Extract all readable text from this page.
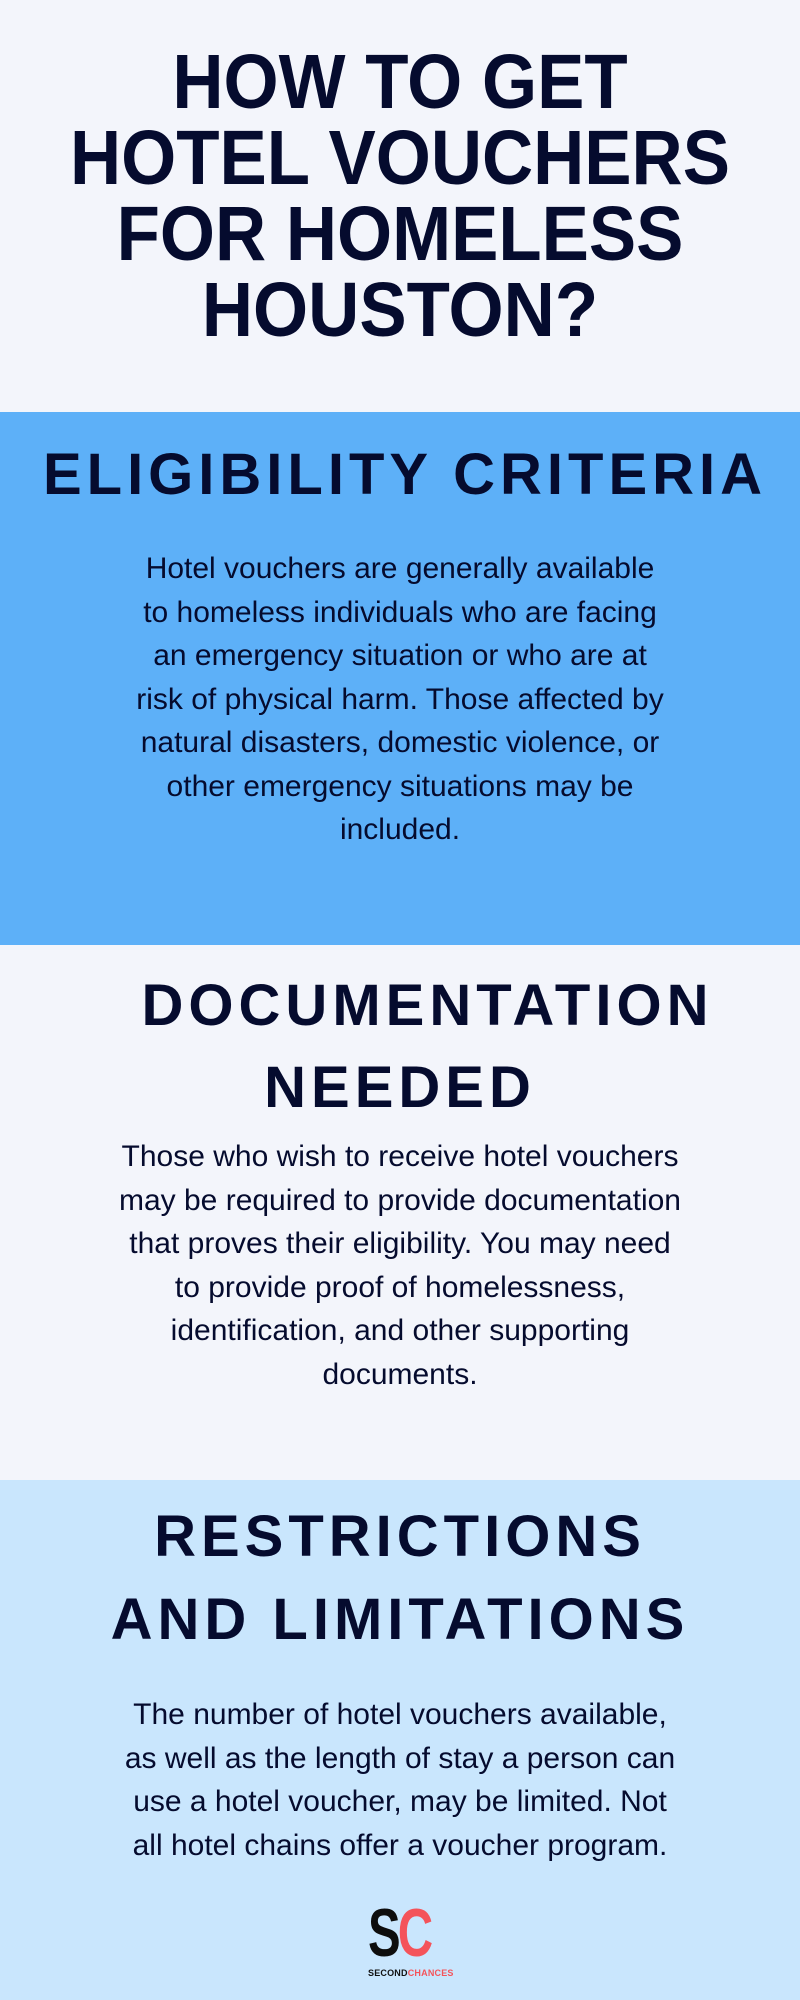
HOW TO GET
HOTEL VOUCHERS
FOR HOMELESS
HOUSTON?
ELIGIBILITY CRITERIA
Hotel vouchers are generally available
to homeless individuals who are facing
an emergency situation or who are at
risk of physical harm. Those affected by
natural disasters, domestic violence, or
other emergency situations may be
included.
DOCUMENTATION
NEEDED
Those who wish to receive hotel vouchers
may be required to provide documentation
that proves their eligibility. You may need
to provide proof of homelessness,
identification, and other supporting
documents.
RESTRICTIONS
AND LIMITATIONS
The number of hotel vouchers available,
as well as the length of stay a person can
use a hotel voucher, may be limited. Not
all hotel chains offer a voucher program.
SC
SECONDCHANCES
